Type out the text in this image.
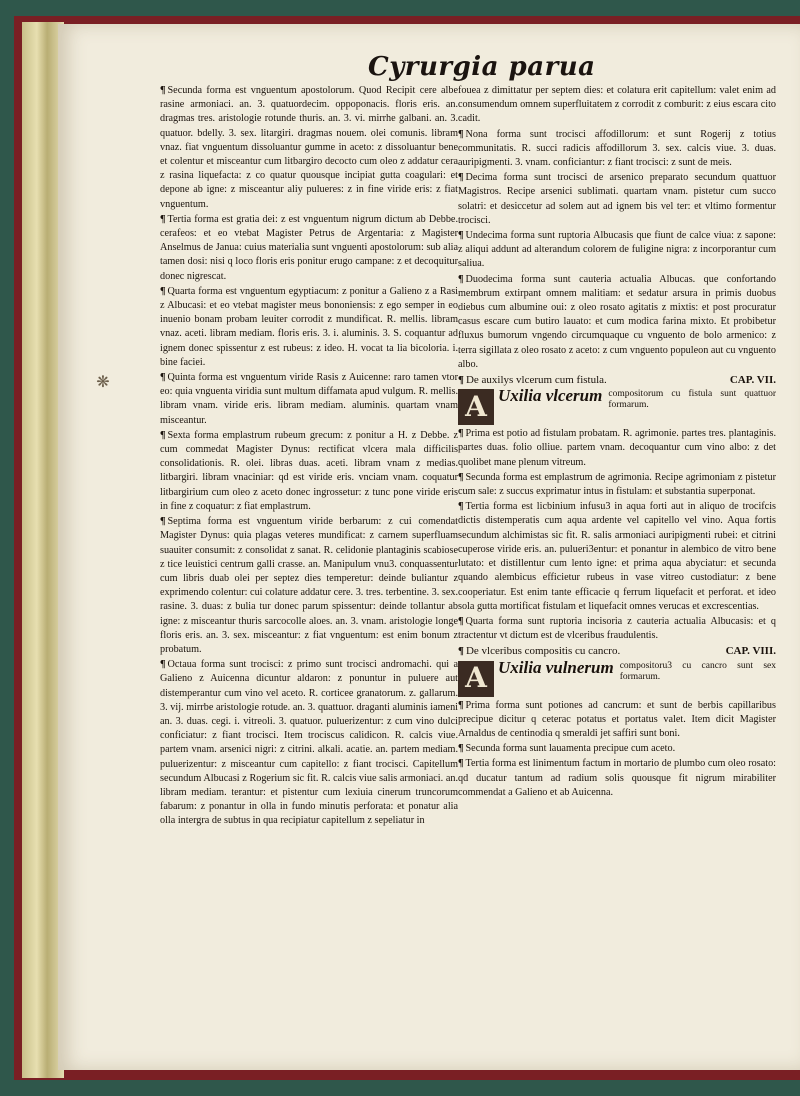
❋
Cyrurgia parua

¶ Secunda forma est vnguentum apostolorum. Quod Recipit cere albe rasine armoniaci. an. 3. quatuordecim. oppoponacis. floris eris. an. dragmas tres. aristologie rotunde thuris. an. 3. vi. mirrhe galbani. an. 3. quatuor. bdelly. 3. sex. litargiri. dragmas nouem. olei comunis. libram vnaz. fiat vnguentum dissoluantur gumme in aceto: z dissoluantur bene et colentur et misceantur cum litbargiro decocto cum oleo z addatur cera z rasina liquefacta: z co quatur quousque incipiat gutta coagulari: et depone ab igne: z misceantur aliy pulueres: z in fine viride eris: z fiat vnguentum.

¶ Tertia forma est gratia dei: z est vnguentum nigrum dictum ab Debbe. cerafeos: et eo vtebat Magister Petrus de Argentaria: z Magister Anselmus de Janua: cuius materialia sunt vnguenti apostolorum: sub alia tamen dosi: nisi q loco floris eris ponitur erugo campane: z et decoquitur donec nigrescat.

¶ Quarta forma est vnguentum egyptiacum: z ponitur a Galieno z a Rasi z Albucasi: et eo vtebat magister meus bononiensis: z ego semper in eo inuenio bonam probam leuiter corrodit z mundificat. R. mellis. libram vnaz. aceti. libram mediam. floris eris. 3. i. aluminis. 3. S. coquantur ad ignem donec spissentur z est rubeus: z ideo. H. vocat ta lia bicoloria. i. bine faciei.

¶ Quinta forma est vnguentum viride Rasis z Auicenne: raro tamen vtor eo: quia vnguenta viridia sunt multum diffamata apud vulgum. R. mellis. libram vnam. viride eris. libram mediam. aluminis. quartam vnam misceantur.

¶ Sexta forma emplastrum rubeum grecum: z ponitur a H. z Debbe. z cum commedat Magister Dynus: rectificat vlcera mala difficilis consolidationis. R. olei. libras duas. aceti. libram vnam z medias. litbargiri. libram vnaciniar: qd est viride eris. vnciam vnam. coquatur litbargirium cum oleo z aceto donec ingrossetur: z tunc pone viride eris in fine z coquatur: z fiat emplastrum.

¶ Septima forma est vnguentum viride berbarum: z cui comendat Magister Dynus: quia plagas veteres mundificat: z carnem superfluam suauiter consumit: z consolidat z sanat. R. celidonie plantaginis scabiose z tice leuistici centrum galli crasse. an. Manipulum vnu3. conquassentur cum libris duab olei per septez dies temperetur: deinde buliantur z exprimendo colentur: cui colature addatur cere. 3. tres. terbentine. 3. sex. rasine. 3. duas: z bulia tur donec parum spissentur: deinde tollantur ab igne: z misceantur thuris sarcocolle aloes. an. 3. vnam. aristologie longe floris eris. an. 3. sex. misceantur: z fiat vnguentum: est enim bonum z probatum.

¶ Octaua forma sunt trocisci: z primo sunt trocisci andromachi. qui a Galieno z Auicenna dicuntur aldaron: z ponuntur in puluere aut distemperantur cum vino vel aceto. R. corticee granatorum. z. gallarum. 3. vij. mirrbe aristologie rotude. an. 3. quattuor. draganti aluminis iameni an. 3. duas. cegi. i. vitreoli. 3. quatuor. puluerizentur: z cum vino dulci conficiatur: z fiant trocisci. Item trociscus calidicon. R. calcis viue. partem vnam. arsenici nigri: z citrini. alkali. acatie. an. partem mediam. puluerizentur: z misceantur cum capitello: z fiant trocisci. Capitellum secundum Albucasi z Rogerium sic fit. R. calcis viue salis armoniaci. an. libram mediam. terantur: et pistentur cum lexiuia cinerum truncorum fabarum: z ponantur in olla in fundo minutis perforata: et ponatur alia olla intergra de subtus in qua recipiatur capitellum z sepeliatur in

fouea z dimittatur per septem dies: et colatura erit capitellum: valet enim ad consumendum omnem superfluitatem z corrodit z comburit: z eius escara cito cadit.

¶ Nona forma sunt trocisci affodillorum: et sunt Rogerij z totius communitatis. R. succi radicis affodillorum 3. sex. calcis viue. 3. duas. auripigmenti. 3. vnam. conficiantur: z fiant trocisci: z sunt de meis.

¶ Decima forma sunt trocisci de arsenico preparato secundum quattuor Magistros. Recipe arsenici sublimati. quartam vnam. pistetur cum succo solatri: et desiccetur ad solem aut ad ignem bis vel ter: et vltimo formentur trocisci.

¶ Undecima forma sunt ruptoria Albucasis que fiunt de calce viua: z sapone: z aliqui addunt ad alterandum colorem de fuligine nigra: z incorporantur cum saliua.

¶ Duodecima forma sunt cauteria actualia Albucas. que confortando membrum extirpant omnem malitiam: et sedatur arsura in primis duobus diebus cum albumine oui: z oleo rosato agitatis z mixtis: et post procuratur casus escare cum butiro lauato: et cum modica farina mixto. Et probibetur fluxus bumorum vngendo circumquaque cu vnguento de bolo armenico: z terra sigillata z oleo rosato z aceto: z cum vnguento populeon aut cu vnguento albo.

¶ De auxilys vlcerum cum fistula.	CAP. VII.
A Uxilia vlcerum compositorum cu fistula sunt quattuor formarum.

¶ Prima est potio ad fistulam probatam. R. agrimonie. partes tres. plantaginis. partes duas. folio olliue. partem vnam. decoquantur cum vino albo: z det quolibet mane plenum vitreum.

¶ Secunda forma est emplastrum de agrimonia. Recipe agrimoniam z pistetur cum sale: z succus exprimatur intus in fistulam: et substantia superponat.

¶ Tertia forma est licbinium infusu3 in aqua forti aut in aliquo de trocifcis dictis distemperatis cum aqua ardente vel capitello vel vino. Aqua fortis secundum alchimistas sic fit. R. salis armoniaci auripigmenti rubei: et citrini cuperose viride eris. an. pulueri3entur: et ponantur in alembico de vitro bene lutato: et distillentur cum lento igne: et prima aqua abyciatur: et secunda quando alembicus efficietur rubeus in vase vitreo custodiatur: z bene cooperiatur. Est enim tante efficacie q ferrum liquefacit et perforat. et ideo sola gutta mortificat fistulam et liquefacit omnes verucas et excrescentias.

¶ Quarta forma sunt ruptoria incisoria z cauteria actualia Albucasis: et q tractentur vt dictum est de vlceribus fraudulentis.

¶ De vlceribus compositis cu cancro.	CAP. VIII.
A Uxilia vulnerum compositoru3 cu cancro sunt sex formarum.

¶ Prima forma sunt potiones ad cancrum: et sunt de berbis capillaribus precipue dicitur q ceterac potatus et portatus valet. Item dicit Magister Arnaldus de centinodia q smeraldi jet saffiri sunt boni.

¶ Secunda forma sunt lauamenta precipue cum aceto.

¶ Tertia forma est linimentum factum in mortario de plumbo cum oleo rosato: qd ducatur tantum ad radium solis quousque fit nigrum mirabiliter commendat a Galieno et ab Auicenna.
